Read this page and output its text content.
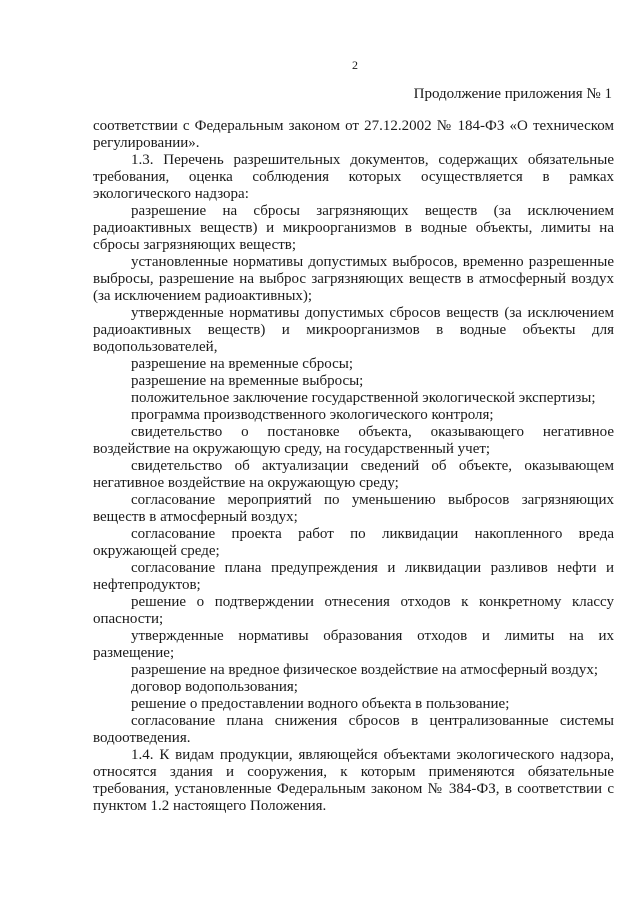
2
Продолжение приложения № 1

соответствии с Федеральным законом от 27.12.2002 № 184-ФЗ «О техническом регулировании».

1.3. Перечень разрешительных документов, содержащих обязательные требования, оценка соблюдения которых осуществляется в рамках экологического надзора:

разрешение на сбросы загрязняющих веществ (за исключением радиоактивных веществ) и микроорганизмов в водные объекты, лимиты на сбросы загрязняющих веществ;

установленные нормативы допустимых выбросов, временно разрешенные выбросы, разрешение на выброс загрязняющих веществ в атмосферный воздух (за исключением радиоактивных);

утвержденные нормативы допустимых сбросов веществ (за исключением радиоактивных веществ) и микроорганизмов в водные объекты для водопользователей,

разрешение на временные сбросы;

разрешение на временные выбросы;

положительное заключение государственной экологической экспертизы;

программа производственного экологического контроля;

свидетельство о постановке объекта, оказывающего негативное воздействие на окружающую среду, на государственный учет;

свидетельство об актуализации сведений об объекте, оказывающем негативное воздействие на окружающую среду;

согласование мероприятий по уменьшению выбросов загрязняющих веществ в атмосферный воздух;

согласование проекта работ по ликвидации накопленного вреда окружающей среде;

согласование плана предупреждения и ликвидации разливов нефти и нефтепродуктов;

решение о подтверждении отнесения отходов к конкретному классу опасности;

утвержденные нормативы образования отходов и лимиты на их размещение;

разрешение на вредное физическое воздействие на атмосферный воздух;

договор водопользования;

решение о предоставлении водного объекта в пользование;

согласование плана снижения сбросов в централизованные системы водоотведения.

1.4. К видам продукции, являющейся объектами экологического надзора, относятся здания и сооружения, к которым применяются обязательные требования, установленные Федеральным законом № 384-ФЗ, в соответствии с пунктом 1.2 настоящего Положения.
